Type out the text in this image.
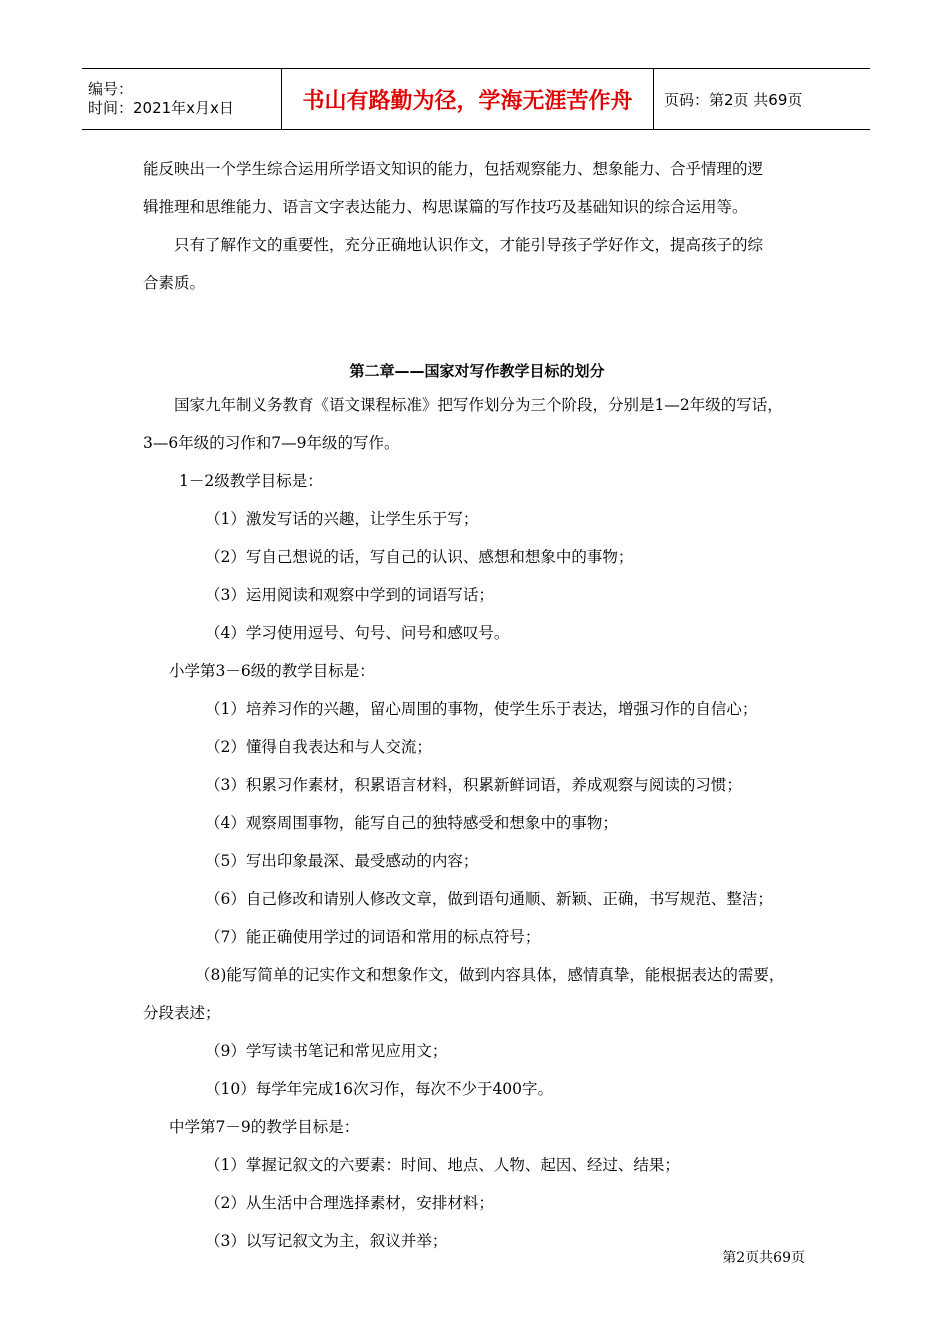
编号：
时间：2021年x月x日	书山有路勤为径，学海无涯苦作舟	页码：第2页 共69页

能反映出一个学生综合运用所学语文知识的能力，包括观察能力、想象能力、合乎情理的逻

辑推理和思维能力、语言文字表达能力、构思谋篇的写作技巧及基础知识的综合运用等。

只有了解作文的重要性，充分正确地认识作文，才能引导孩子学好作文，提高孩子的综

合素质。

第二章——国家对写作教学目标的划分

国家九年制义务教育《语文课程标准》把写作划分为三个阶段，分别是1—2年级的写话，

3—6年级的习作和7—9年级的写作。

1－2级教学目标是：

（1）激发写话的兴趣，让学生乐于写；

（2）写自己想说的话，写自己的认识、感想和想象中的事物；

（3）运用阅读和观察中学到的词语写话；

（4）学习使用逗号、句号、问号和感叹号。

小学第3－6级的教学目标是：

（1）培养习作的兴趣，留心周围的事物，使学生乐于表达，增强习作的自信心；

（2）懂得自我表达和与人交流；

（3）积累习作素材，积累语言材料，积累新鲜词语，养成观察与阅读的习惯；

（4）观察周围事物，能写自己的独特感受和想象中的事物；

（5）写出印象最深、最受感动的内容；

（6）自己修改和请别人修改文章，做到语句通顺、新颖、正确，书写规范、整洁；

（7）能正确使用学过的词语和常用的标点符号；

（8)能写简单的记实作文和想象作文，做到内容具体，感情真挚，能根据表达的需要，

分段表述；

（9）学写读书笔记和常见应用文；

（10）每学年完成16次习作，每次不少于400字。

中学第7－9的教学目标是：

（1）掌握记叙文的六要素：时间、地点、人物、起因、经过、结果；

（2）从生活中合理选择素材，安排材料；

（3）以写记叙文为主，叙议并举；

第2页共69页
